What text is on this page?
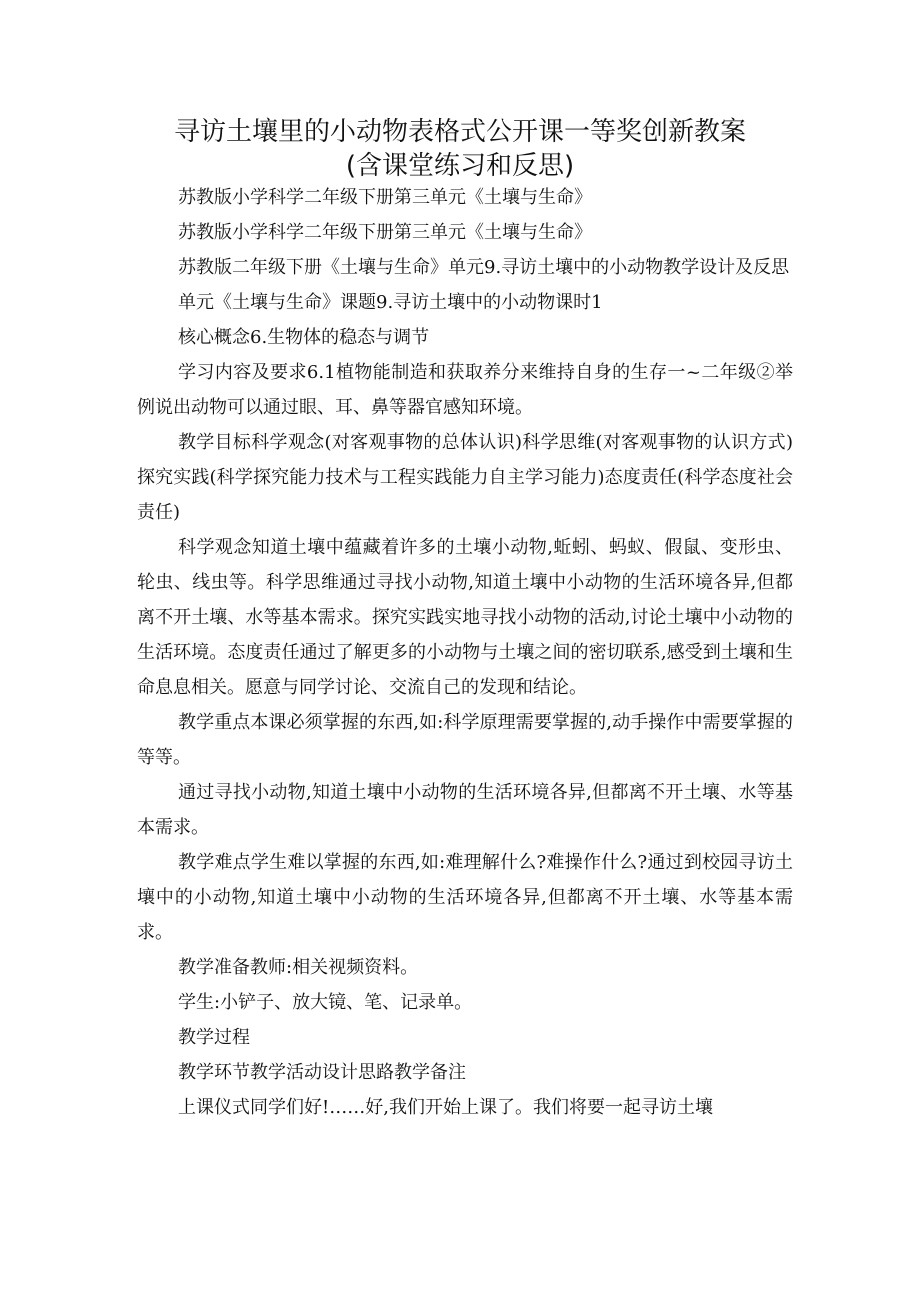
寻访土壤里的小动物表格式公开课一等奖创新教案
(含课堂练习和反思)

苏教版小学科学二年级下册第三单元《土壤与生命》

苏教版小学科学二年级下册第三单元《土壤与生命》

苏教版二年级下册《土壤与生命》单元9.寻访土壤中的小动物教学设计及反思

单元《土壤与生命》课题9.寻访土壤中的小动物课时1

核心概念6.生物体的稳态与调节

学习内容及要求6.1植物能制造和获取养分来维持自身的生存一~二年级②举例说出动物可以通过眼、耳、鼻等器官感知环境。

教学目标科学观念(对客观事物的总体认识)科学思维(对客观事物的认识方式)探究实践(科学探究能力技术与工程实践能力自主学习能力)态度责任(科学态度社会责任)

科学观念知道土壤中蕴藏着许多的土壤小动物,蚯蚓、蚂蚁、假鼠、变形虫、轮虫、线虫等。科学思维通过寻找小动物,知道土壤中小动物的生活环境各异,但都离不开土壤、水等基本需求。探究实践实地寻找小动物的活动,讨论土壤中小动物的生活环境。态度责任通过了解更多的小动物与土壤之间的密切联系,感受到土壤和生命息息相关。愿意与同学讨论、交流自己的发现和结论。

教学重点本课必须掌握的东西,如:科学原理需要掌握的,动手操作中需要掌握的等等。

通过寻找小动物,知道土壤中小动物的生活环境各异,但都离不开土壤、水等基本需求。

教学难点学生难以掌握的东西,如:难理解什么?难操作什么?通过到校园寻访土壤中的小动物,知道土壤中小动物的生活环境各异,但都离不开土壤、水等基本需求。

教学准备教师:相关视频资料。

学生:小铲子、放大镜、笔、记录单。

教学过程

教学环节教学活动设计思路教学备注

上课仪式同学们好!……好,我们开始上课了。我们将要一起寻访土壤
